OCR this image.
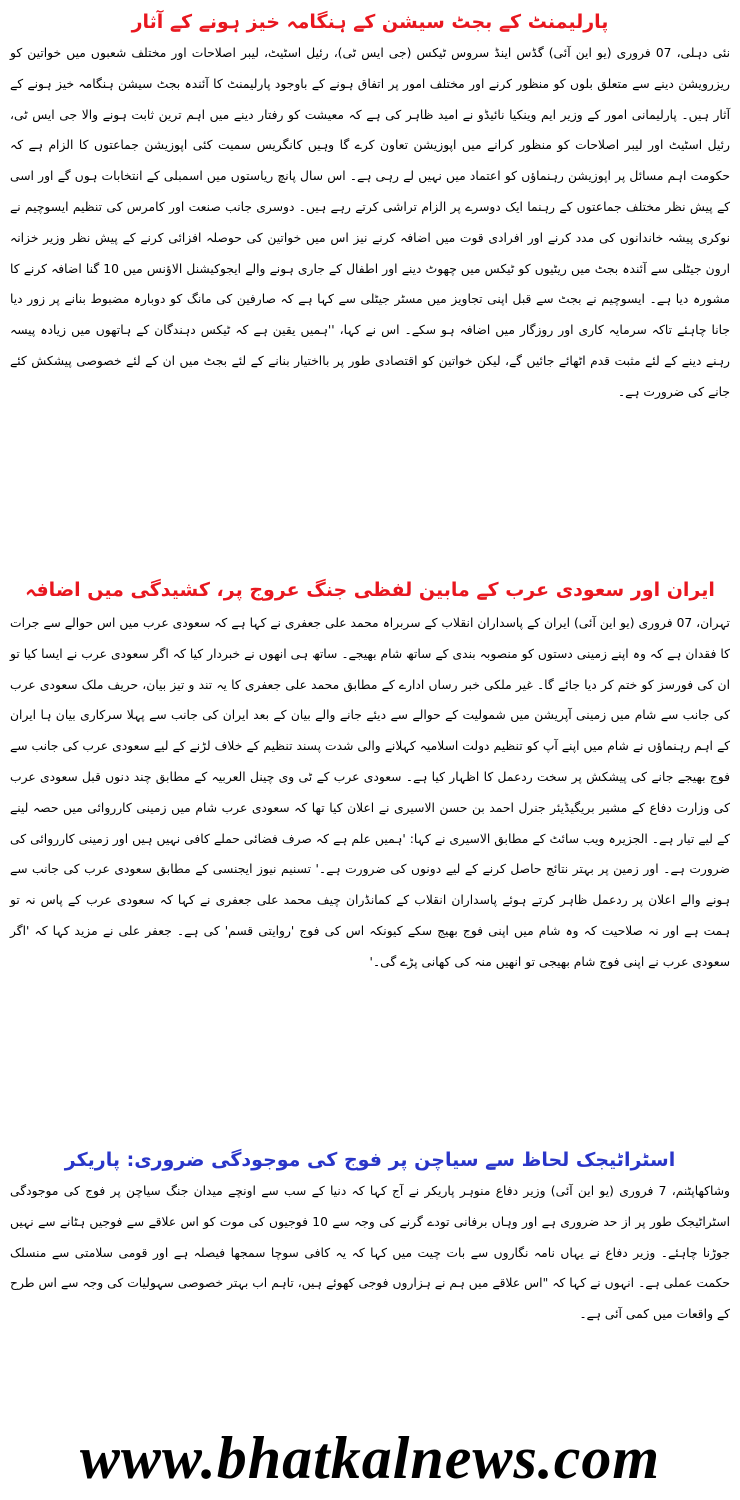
پارلیمنٹ کے بجٹ سیشن کے ہنگامہ خیز ہونے کے آثار

نئی دہلی، 07 فروری (یو این آئی) گڈس اینڈ سروس ٹیکس (جی ایس ٹی)، رئیل اسٹیٹ، لیبر اصلاحات اور مختلف شعبوں میں خواتین کو ریزرویشن دینے سے متعلق بلوں کو منظور کرنے اور مختلف امور پر اتفاق ہونے کے باوجود پارلیمنٹ کا آئندہ بجٹ سیشن ہنگامہ خیز ہونے کے آثار ہیں۔ پارلیمانی امور کے وزیر ایم وینکیا نائیڈو نے امید ظاہر کی ہے کہ معیشت کو رفتار دینے میں اہم ترین ثابت ہونے والا جی ایس ٹی، رئیل اسٹیٹ اور لیبر اصلاحات کو منظور کرانے میں اپوزیشن تعاون کرے گا وہیں کانگریس سمیت کئی اپوزیشن جماعتوں کا الزام ہے کہ حکومت اہم مسائل پر اپوزیشن رہنماؤں کو اعتماد میں نہیں لے رہی ہے۔ اس سال پانچ ریاستوں میں اسمبلی کے انتخابات ہوں گے اور اسی کے پیش نظر مختلف جماعتوں کے رہنما ایک دوسرے پر الزام تراشی کرتے رہے ہیں۔ دوسری جانب صنعت اور کامرس کی تنظیم ایسوچیم نے نوکری پیشہ خاندانوں کی مدد کرنے اور افرادی قوت میں اضافہ کرنے نیز اس میں خواتین کی حوصلہ افزائی کرنے کے پیش نظر وزیر خزانہ ارون جیٹلی سے آئندہ بجٹ میں ریٹیوں کو ٹیکس میں چھوٹ دینے اور اطفال کے جاری ہونے والے ایجوکیشنل الاؤنس میں 10 گنا اضافہ کرنے کا مشورہ دیا ہے۔ ایسوچیم نے بجٹ سے قبل اپنی تجاویز میں مسٹر جیٹلی سے کہا ہے کہ صارفین کی مانگ کو دوبارہ مضبوط بنانے پر زور دیا جانا چاہئے تاکہ سرمایہ کاری اور روزگار میں اضافہ ہو سکے۔ اس نے کہا، ''ہمیں یقین ہے کہ ٹیکس دہندگان کے ہاتھوں میں زیادہ پیسہ رہنے دینے کے لئے مثبت قدم اٹھائے جائیں گے، لیکن خواتین کو اقتصادی طور پر بااختیار بنانے کے لئے بجٹ میں ان کے لئے خصوصی پیشکش کئے جانے کی ضرورت ہے۔

ایران اور سعودی عرب کے مابین لفظی جنگ عروج پر، کشیدگی میں اضافہ

تہران، 07 فروری (یو این آئی) ایران کے پاسداران انقلاب کے سربراہ محمد علی جعفری نے کہا ہے کہ سعودی عرب میں اس حوالے سے جرات کا فقدان ہے کہ وہ اپنے زمینی دستوں کو منصوبہ بندی کے ساتھ شام بھیجے۔ ساتھ ہی انھوں نے خبردار کیا کہ اگر سعودی عرب نے ایسا کیا تو ان کی فورسز کو ختم کر دیا جائے گا۔ غیر ملکی خبر رساں ادارے کے مطابق محمد علی جعفری کا یہ تند و تیز بیان، حریف ملک سعودی عرب کی جانب سے شام میں زمینی آپریشن میں شمولیت کے حوالے سے دیئے جانے والے بیان کے بعد ایران کی جانب سے پہلا سرکاری بیان ہا ایران کے اہم رہنماؤں نے شام میں اپنے آپ کو تنظیم دولت اسلامیہ کہلانے والی شدت پسند تنظیم کے خلاف لڑنے کے لیے سعودی عرب کی جانب سے فوج بھیجے جانے کی پیشکش پر سخت ردعمل کا اظہار کیا ہے۔ سعودی عرب کے ٹی وی چینل العربیہ کے مطابق چند دنوں قبل سعودی عرب کی وزارت دفاع کے مشیر بریگیڈیئر جنرل احمد بن حسن الاسیری نے اعلان کیا تھا کہ سعودی عرب شام میں زمینی کارروائی میں حصہ لینے کے لیے تیار ہے۔ الجزیرہ ویب سائٹ کے مطابق الاسیری نے کہا: 'ہمیں علم ہے کہ صرف فضائی حملے کافی نہیں ہیں اور زمینی کارروائی کی ضرورت ہے۔ اور زمین پر بہتر نتائج حاصل کرنے کے لیے دونوں کی ضرورت ہے۔' تسنیم نیوز ایجنسی کے مطابق سعودی عرب کی جانب سے ہونے والے اعلان پر ردعمل ظاہر کرتے ہوئے پاسداران انقلاب کے کمانڈران چیف محمد علی جعفری نے کہا کہ سعودی عرب کے پاس نہ تو ہمت ہے اور نہ صلاحیت کہ وہ شام میں اپنی فوج بھیج سکے کیونکہ اس کی فوج 'روایتی قسم' کی ہے۔ جعفر علی نے مزید کہا کہ 'اگر سعودی عرب نے اپنی فوج شام بھیجی تو انھیں منہ کی کھانی پڑے گی۔'

اسٹراٹیجک لحاظ سے سیاچن پر فوج کی موجودگی ضروری: پاریکر

وشاکھاپٹنم، 7 فروری (یو این آئی) وزیر دفاع منوہر پاریکر نے آج کہا کہ دنیا کے سب سے اونچے میدان جنگ سیاچن پر فوج کی موجودگی اسٹراٹیجک طور پر از حد ضروری ہے اور وہاں برفانی تودے گرنے کی وجہ سے 10 فوجیوں کی موت کو اس علاقے سے فوجیں ہٹانے سے نہیں جوڑنا چاہئے۔ وزیر دفاع نے یہاں نامہ نگاروں سے بات چیت میں کہا کہ یہ کافی سوچا سمجھا فیصلہ ہے اور قومی سلامتی سے منسلک حکمت عملی ہے۔ انہوں نے کہا کہ "اس علاقے میں ہم نے ہزاروں فوجی کھوئے ہیں، تاہم اب بہتر خصوصی سہولیات کی وجہ سے اس طرح کے واقعات میں کمی آئی ہے۔

www.bhatkalnews.com
